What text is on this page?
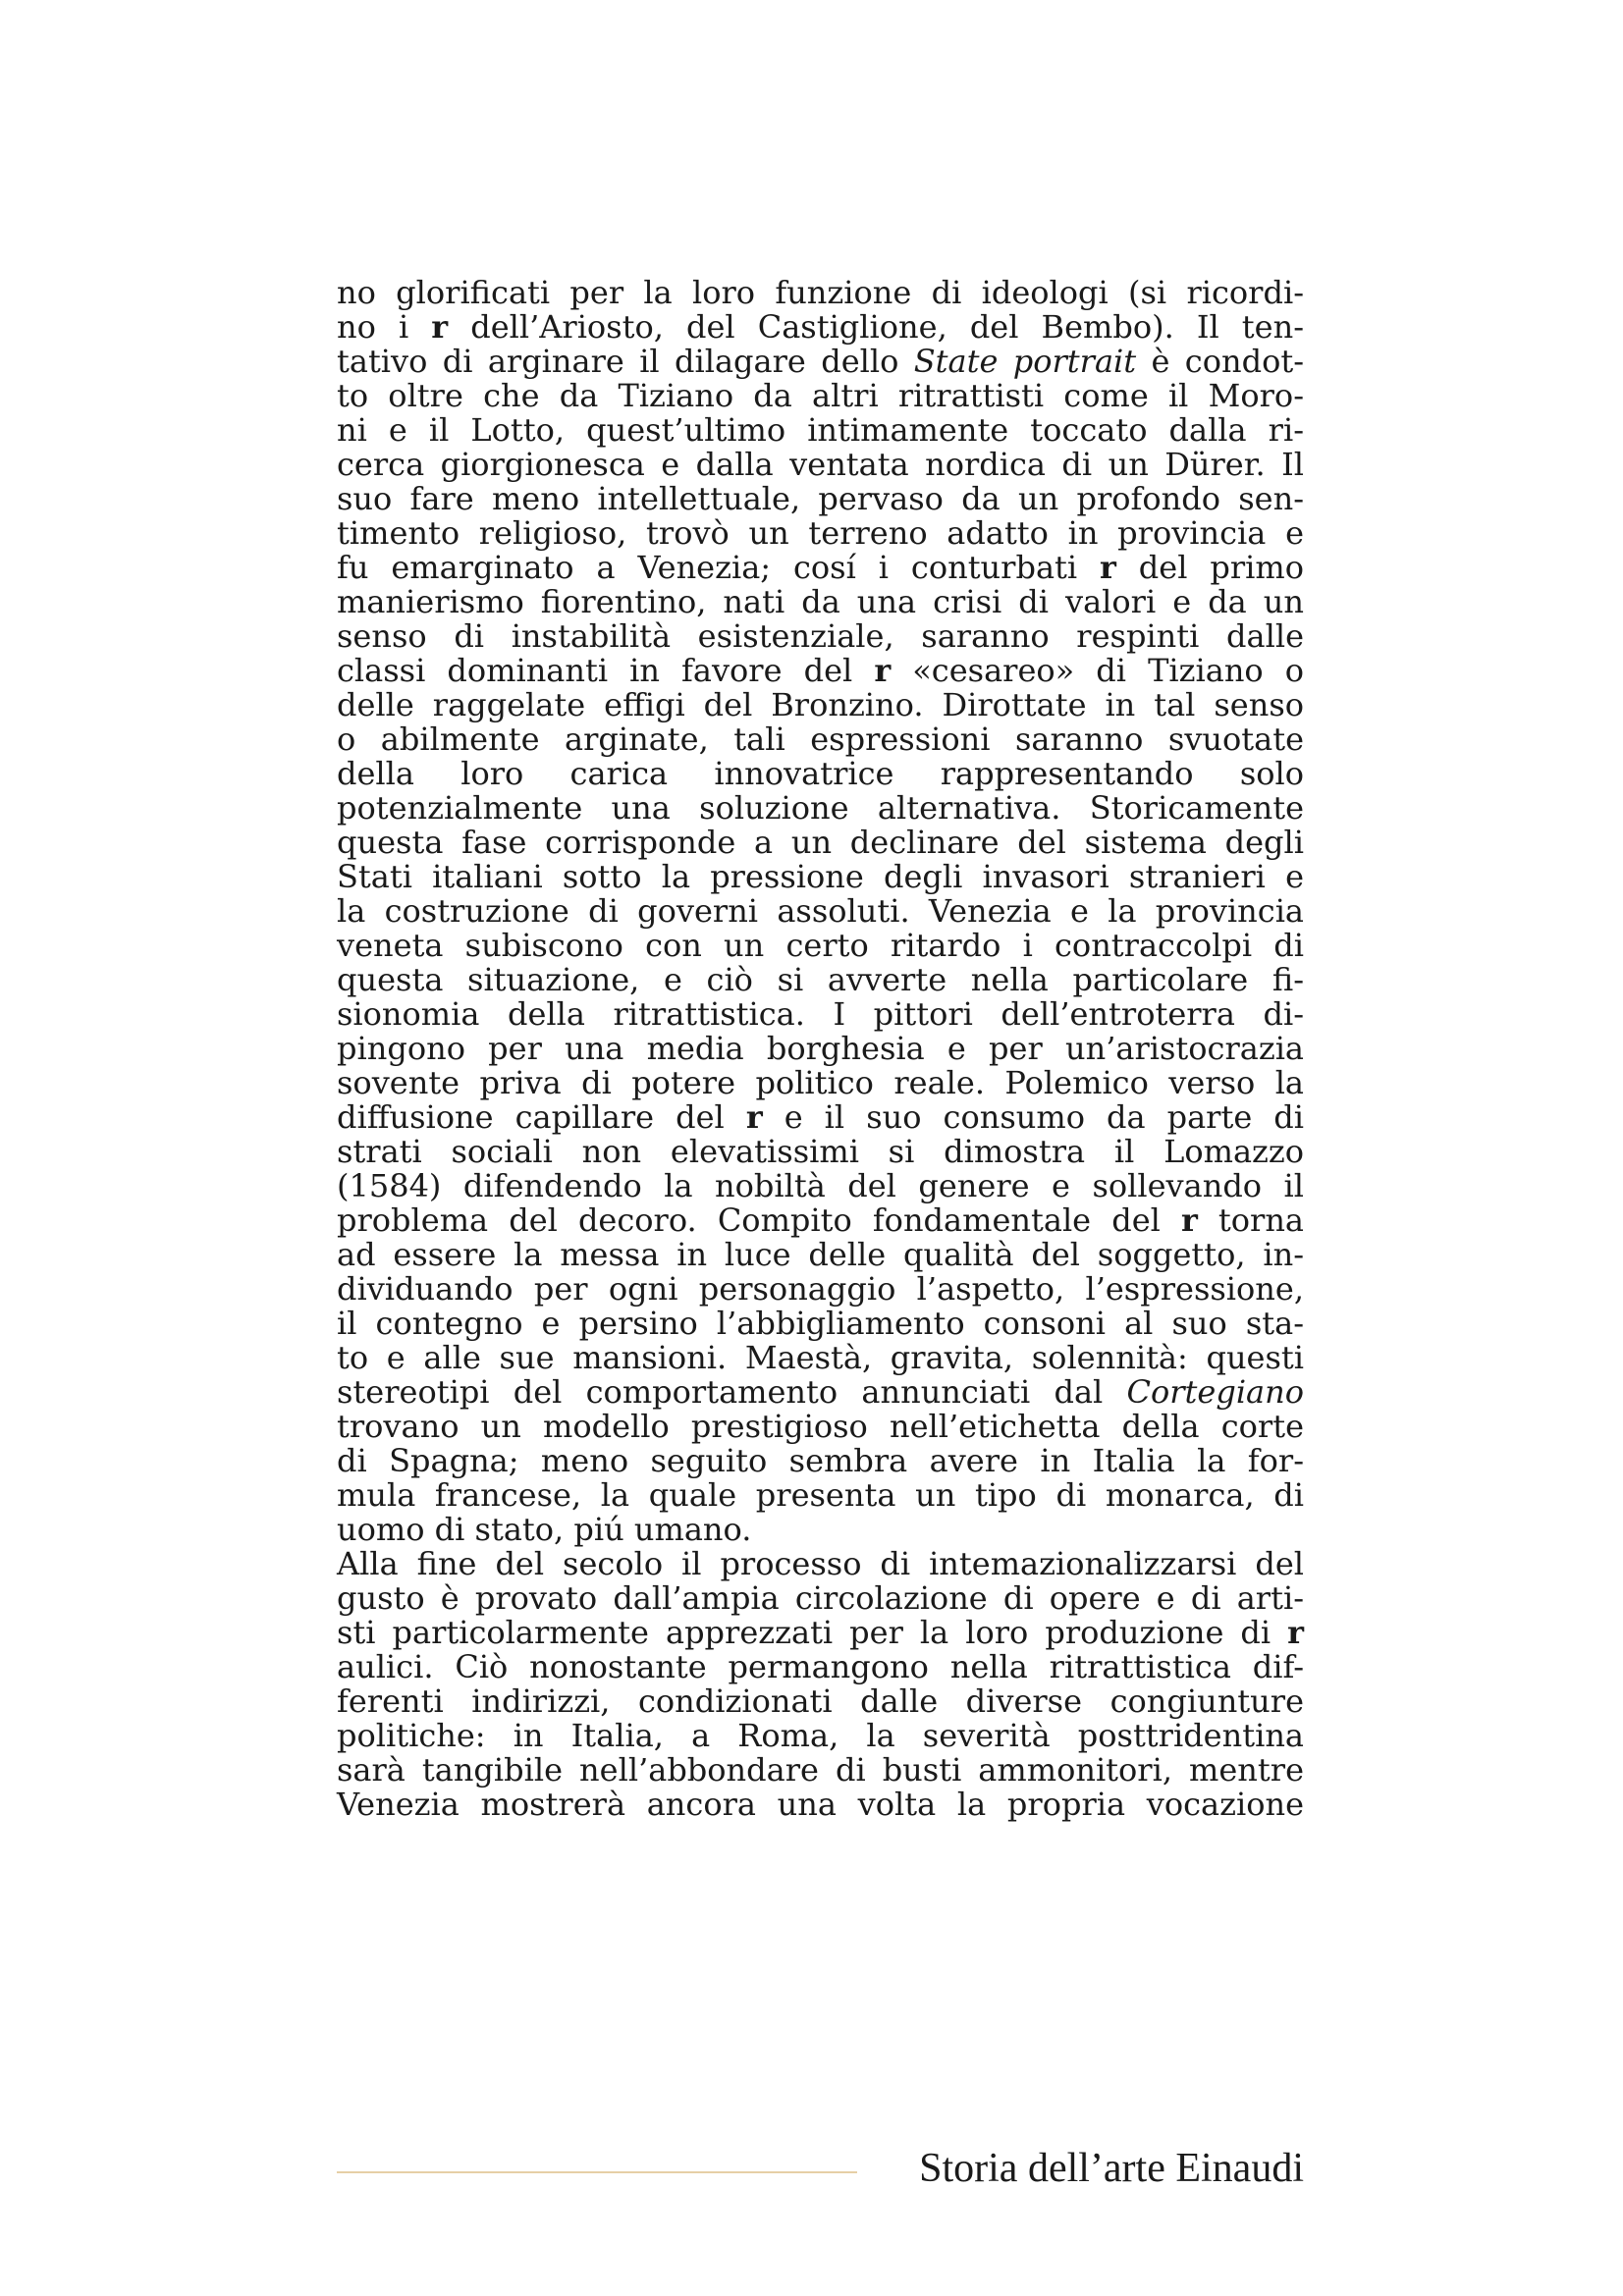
no glorificati per la loro funzione di ideologi (si ricordi-
no i r dell’Ariosto, del Castiglione, del Bembo). Il ten-
tativo di arginare il dilagare dello State portrait è condot-
to oltre che da Tiziano da altri ritrattisti come il Moro-
ni e il Lotto, quest’ultimo intimamente toccato dalla ri-
cerca giorgionesca e dalla ventata nordica di un Dürer. Il
suo fare meno intellettuale, pervaso da un profondo sen-
timento religioso, trovò un terreno adatto in provincia e
fu emarginato a Venezia; cosí i conturbati r del primo
manierismo fiorentino, nati da una crisi di valori e da un
senso di instabilità esistenziale, saranno respinti dalle
classi dominanti in favore del r «cesareo» di Tiziano o
delle raggelate effigi del Bronzino. Dirottate in tal senso
o abilmente arginate, tali espressioni saranno svuotate
della loro carica innovatrice rappresentando solo
potenzialmente una soluzione alternativa. Storicamente
questa fase corrisponde a un declinare del sistema degli
Stati italiani sotto la pressione degli invasori stranieri e
la costruzione di governi assoluti. Venezia e la provincia
veneta subiscono con un certo ritardo i contraccolpi di
questa situazione, e ciò si avverte nella particolare fi-
sionomia della ritrattistica. I pittori dell’entroterra di-
pingono per una media borghesia e per un’aristocrazia
sovente priva di potere politico reale. Polemico verso la
diffusione capillare del r e il suo consumo da parte di
strati sociali non elevatissimi si dimostra il Lomazzo
(1584) difendendo la nobiltà del genere e sollevando il
problema del decoro. Compito fondamentale del r torna
ad essere la messa in luce delle qualità del soggetto, in-
dividuando per ogni personaggio l’aspetto, l’espressione,
il contegno e persino l’abbigliamento consoni al suo sta-
to e alle sue mansioni. Maestà, gravita, solennità: questi
stereotipi del comportamento annunciati dal Cortegiano
trovano un modello prestigioso nell’etichetta della corte
di Spagna; meno seguito sembra avere in Italia la for-
mula francese, la quale presenta un tipo di monarca, di
uomo di stato, piú umano.
Alla fine del secolo il processo di intemazionalizzarsi del
gusto è provato dall’ampia circolazione di opere e di arti-
sti particolarmente apprezzati per la loro produzione di r
aulici. Ciò nonostante permangono nella ritrattistica dif-
ferenti indirizzi, condizionati dalle diverse congiunture
politiche: in Italia, a Roma, la severità posttridentina
sarà tangibile nell’abbondare di busti ammonitori, mentre
Venezia mostrerà ancora una volta la propria vocazione
Storia dell’arte Einaudi
